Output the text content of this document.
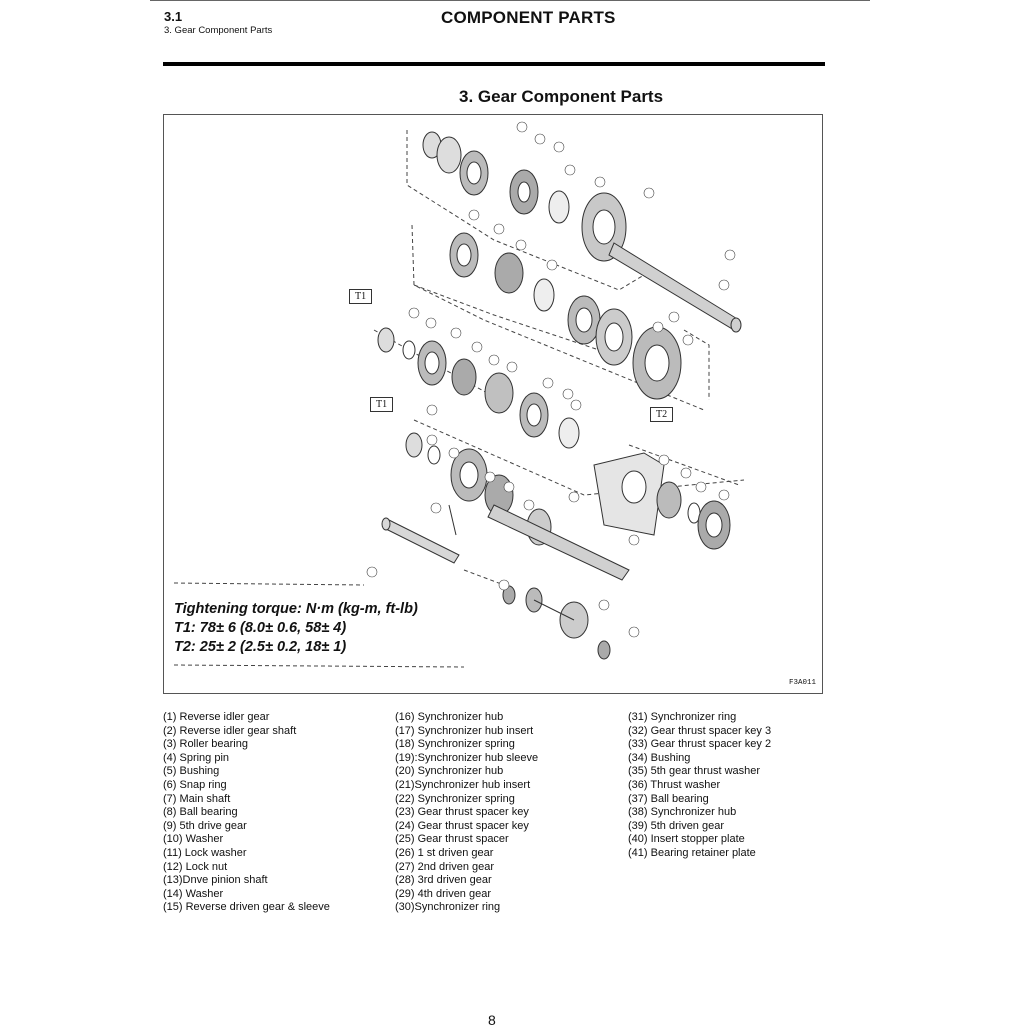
3.1
3. Gear Component Parts
COMPONENT PARTS
3. Gear Component Parts
T1
T1
T2
Tightening torque: N·m (kg-m, ft-lb)
T1: 78± 6 (8.0± 0.6, 58± 4)
T2: 25± 2 (2.5± 0.2, 18± 1)
F3A011
(1) Reverse idler gear
(2) Reverse idler gear shaft
(3) Roller bearing
(4) Spring pin
(5) Bushing
(6) Snap ring
(7) Main shaft
(8) Ball bearing
(9) 5th drive gear
(10) Washer
(11) Lock washer
(12) Lock nut
(13)Dnve pinion shaft
(14) Washer
(15) Reverse driven gear & sleeve
(16) Synchronizer hub
(17) Synchronizer hub insert
(18) Synchronizer spring
(19):Synchronizer hub sleeve
(20) Synchronizer hub
(21)Synchronizer hub insert
(22) Synchronizer spring
(23) Gear thrust spacer key
(24) Gear thrust spacer key
(25) Gear thrust spacer
(26) 1 st driven gear
(27) 2nd driven gear
(28) 3rd driven gear
(29) 4th driven gear
(30)Synchronizer ring
(31) Synchronizer ring
(32) Gear thrust spacer key 3
(33) Gear thrust spacer key 2
(34) Bushing
(35) 5th gear thrust washer
(36) Thrust washer
(37) Ball bearing
(38) Synchronizer hub
(39) 5th driven gear
(40) Insert stopper plate
(41) Bearing retainer plate
8
